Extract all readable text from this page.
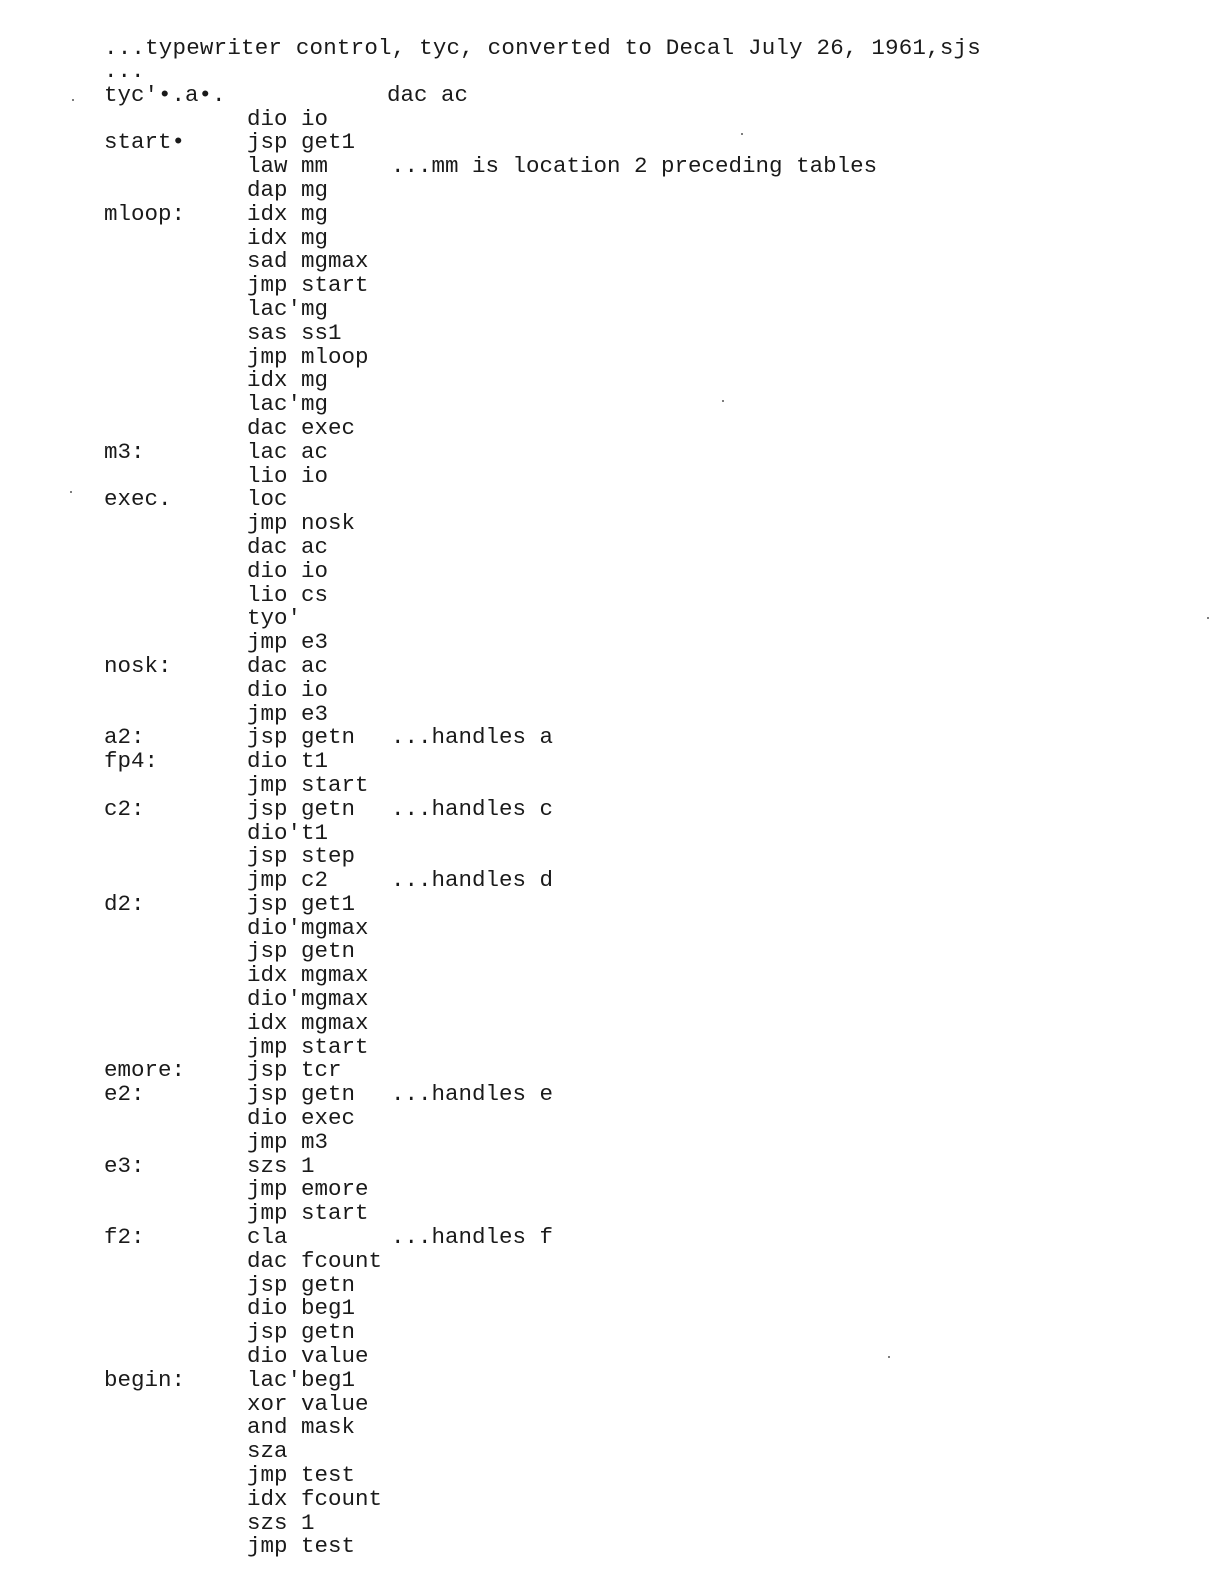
...typewriter control, tyc, converted to Decal July 26, 1961,sjs

...

tyc'•.a•.	dac ac
dio io
start•	jsp get1
law mm	...mm is location 2 preceding tables
dap mg
mloop:	idx mg
idx mg
sad mgmax
jmp start
lac'mg
sas ss1
jmp mloop
idx mg
lac'mg
dac exec
m3:	lac ac
lio io
exec.	loc
jmp nosk
dac ac
dio io
lio cs
tyo'
jmp e3
nosk:	dac ac
dio io
jmp e3
a2:	jsp getn ...handles a
fp4:	dio t1
jmp start
c2:	jsp getn ...handles c
dio't1
jsp step
jmp c2	...handles d
d2:	jsp get1
dio'mgmax
jsp getn
idx mgmax
dio'mgmax
idx mgmax
jmp start
emore:	jsp tcr
e2:	jsp getn ...handles e
dio exec
jmp m3
e3:	szs 1
jmp emore
jmp start
f2:	cla	...handles f
dac fcount
jsp getn
dio beg1
jsp getn
dio value
begin:	lac'beg1
xor value
and mask
sza
jmp test
idx fcount
szs 1
jmp test
